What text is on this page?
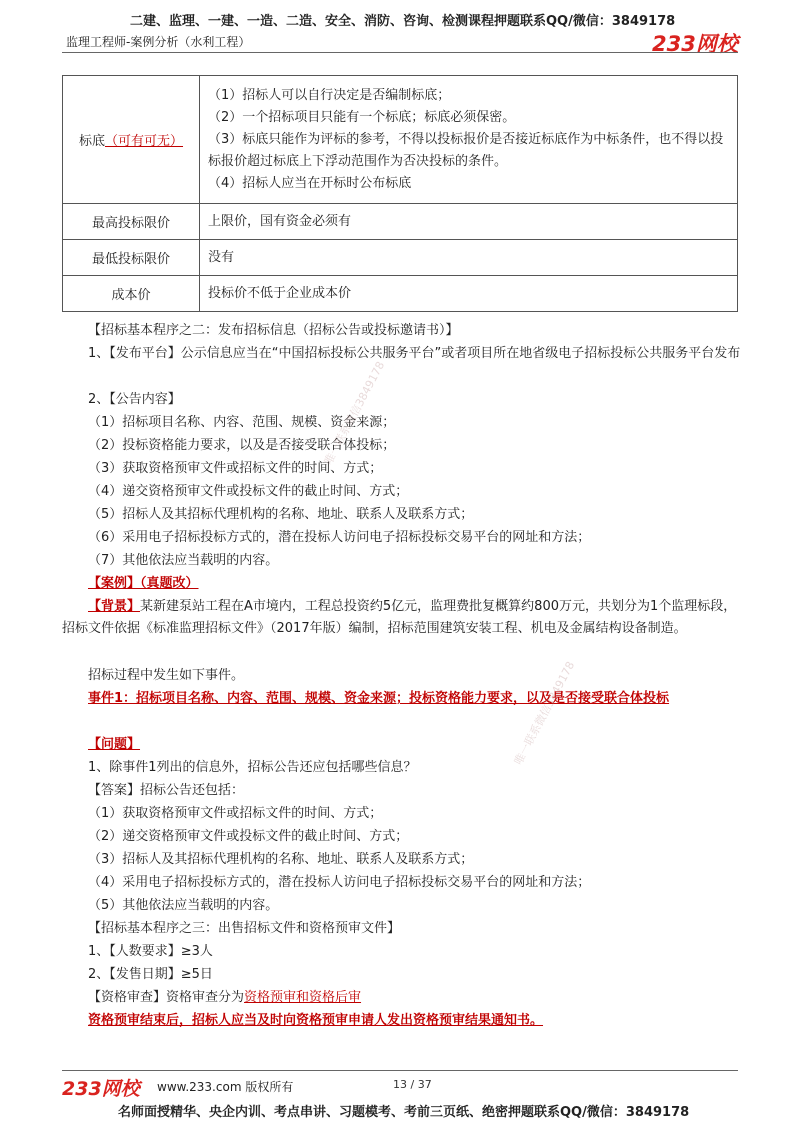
二建、监理、一建、一造、二造、安全、消防、咨询、检测课程押题联系QQ/微信：3849178
监理工程师-案例分析（水利工程）	233网校
标底（可有可无）	（1）招标人可以自行决定是否编制标底；
（2）一个招标项目只能有一个标底；标底必须保密。
（3）标底只能作为评标的参考，不得以投标报价是否接近标底作为中标条件，也不得以投标报价超过标底上下浮动范围作为否决投标的条件。
（4）招标人应当在开标时公布标底

最高投标限价	上限价，国有资金必须有
最低投标限价	没有
成本价	投标价不低于企业成本价
【招标基本程序之二：发布招标信息（招标公告或投标邀请书）】
1、【发布平台】公示信息应当在“中国招标投标公共服务平台”或者项目所在地省级电子招标投标公共服务平台发布
2、【公告内容】
（1）招标项目名称、内容、范围、规模、资金来源；
（2）投标资格能力要求，以及是否接受联合体投标；
（3）获取资格预审文件或招标文件的时间、方式；
（4）递交资格预审文件或投标文件的截止时间、方式；
（5）招标人及其招标代理机构的名称、地址、联系人及联系方式；
（6）采用电子招标投标方式的，潜在投标人访问电子招标投标交易平台的网址和方法；
（7）其他依法应当载明的内容。
【案例】（真题改）
【背景】某新建泵站工程在A市境内，工程总投资约5亿元，监理费批复概算约800万元，共划分为1个监理标段，招标文件依据《标准监理招标文件》（2017年版）编制，招标范围建筑安装工程、机电及金属结构设备制造。
招标过程中发生如下事件。
事件1：招标项目名称、内容、范围、规模、资金来源；投标资格能力要求，以及是否接受联合体投标
【问题】
1、除事件1列出的信息外，招标公告还应包括哪些信息？
【答案】招标公告还包括：
（1）获取资格预审文件或招标文件的时间、方式；
（2）递交资格预审文件或投标文件的截止时间、方式；
（3）招标人及其招标代理机构的名称、地址、联系人及联系方式；
（4）采用电子招标投标方式的，潜在投标人访问电子招标投标交易平台的网址和方法；
（5）其他依法应当载明的内容。
【招标基本程序之三：出售招标文件和资格预审文件】
1、【人数要求】≥3人
2、【发售日期】≥5日
【资格审查】资格审查分为资格预审和资格后审
资格预审结束后，招标人应当及时向资格预审申请人发出资格预审结果通知书。
唯一联系微信3849178
唯一联系微信3849178
233网校 www.233.com 版权所有	13 / 37
名师面授精华、央企内训、考点串讲、习题模考、考前三页纸、绝密押题联系QQ/微信：3849178
